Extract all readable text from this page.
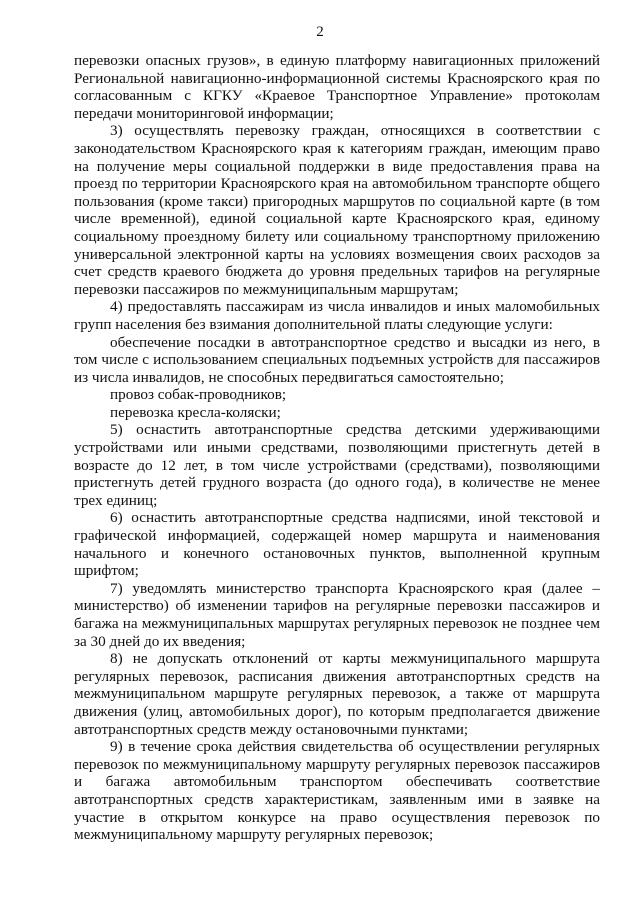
2

перевозки опасных грузов», в единую платформу навигационных приложений Региональной навигационно-информационной системы Красноярского края по согласованным с КГКУ «Краевое Транспортное Управление» протоколам передачи мониторинговой информации;

3) осуществлять перевозку граждан, относящихся в соответствии с законодательством Красноярского края к категориям граждан, имеющим право на получение меры социальной поддержки в виде предоставления права на проезд по территории Красноярского края на автомобильном транспорте общего пользования (кроме такси) пригородных маршрутов по социальной карте (в том числе временной), единой социальной карте Красноярского края, единому социальному проездному билету или социальному транспортному приложению универсальной электронной карты на условиях возмещения своих расходов за счет средств краевого бюджета до уровня предельных тарифов на регулярные перевозки пассажиров по межмуниципальным маршрутам;

4) предоставлять пассажирам из числа инвалидов и иных маломобильных групп населения без взимания дополнительной платы следующие услуги:

обеспечение посадки в автотранспортное средство и высадки из него, в том числе с использованием специальных подъемных устройств для пассажиров из числа инвалидов, не способных передвигаться самостоятельно;

провоз собак-проводников;

перевозка кресла-коляски;

5) оснастить автотранспортные средства детскими удерживающими устройствами или иными средствами, позволяющими пристегнуть детей в возрасте до 12 лет, в том числе устройствами (средствами), позволяющими пристегнуть детей грудного возраста (до одного года), в количестве не менее трех единиц;

6) оснастить автотранспортные средства надписями, иной текстовой и графической информацией, содержащей номер маршрута и наименования начального и конечного остановочных пунктов, выполненной крупным шрифтом;

7) уведомлять министерство транспорта Красноярского края (далее – министерство) об изменении тарифов на регулярные перевозки пассажиров и багажа на межмуниципальных маршрутах регулярных перевозок не позднее чем за 30 дней до их введения;

8) не допускать отклонений от карты межмуниципального маршрута регулярных перевозок, расписания движения автотранспортных средств на межмуниципальном маршруте регулярных перевозок, а также от маршрута движения (улиц, автомобильных дорог), по которым предполагается движение автотранспортных средств между остановочными пунктами;

9) в течение срока действия свидетельства об осуществлении регулярных перевозок по межмуниципальному маршруту регулярных перевозок пассажиров и багажа автомобильным транспортом обеспечивать соответствие автотранспортных средств характеристикам, заявленным ими в заявке на участие в открытом конкурсе на право осуществления перевозок по межмуниципальному маршруту регулярных перевозок;
